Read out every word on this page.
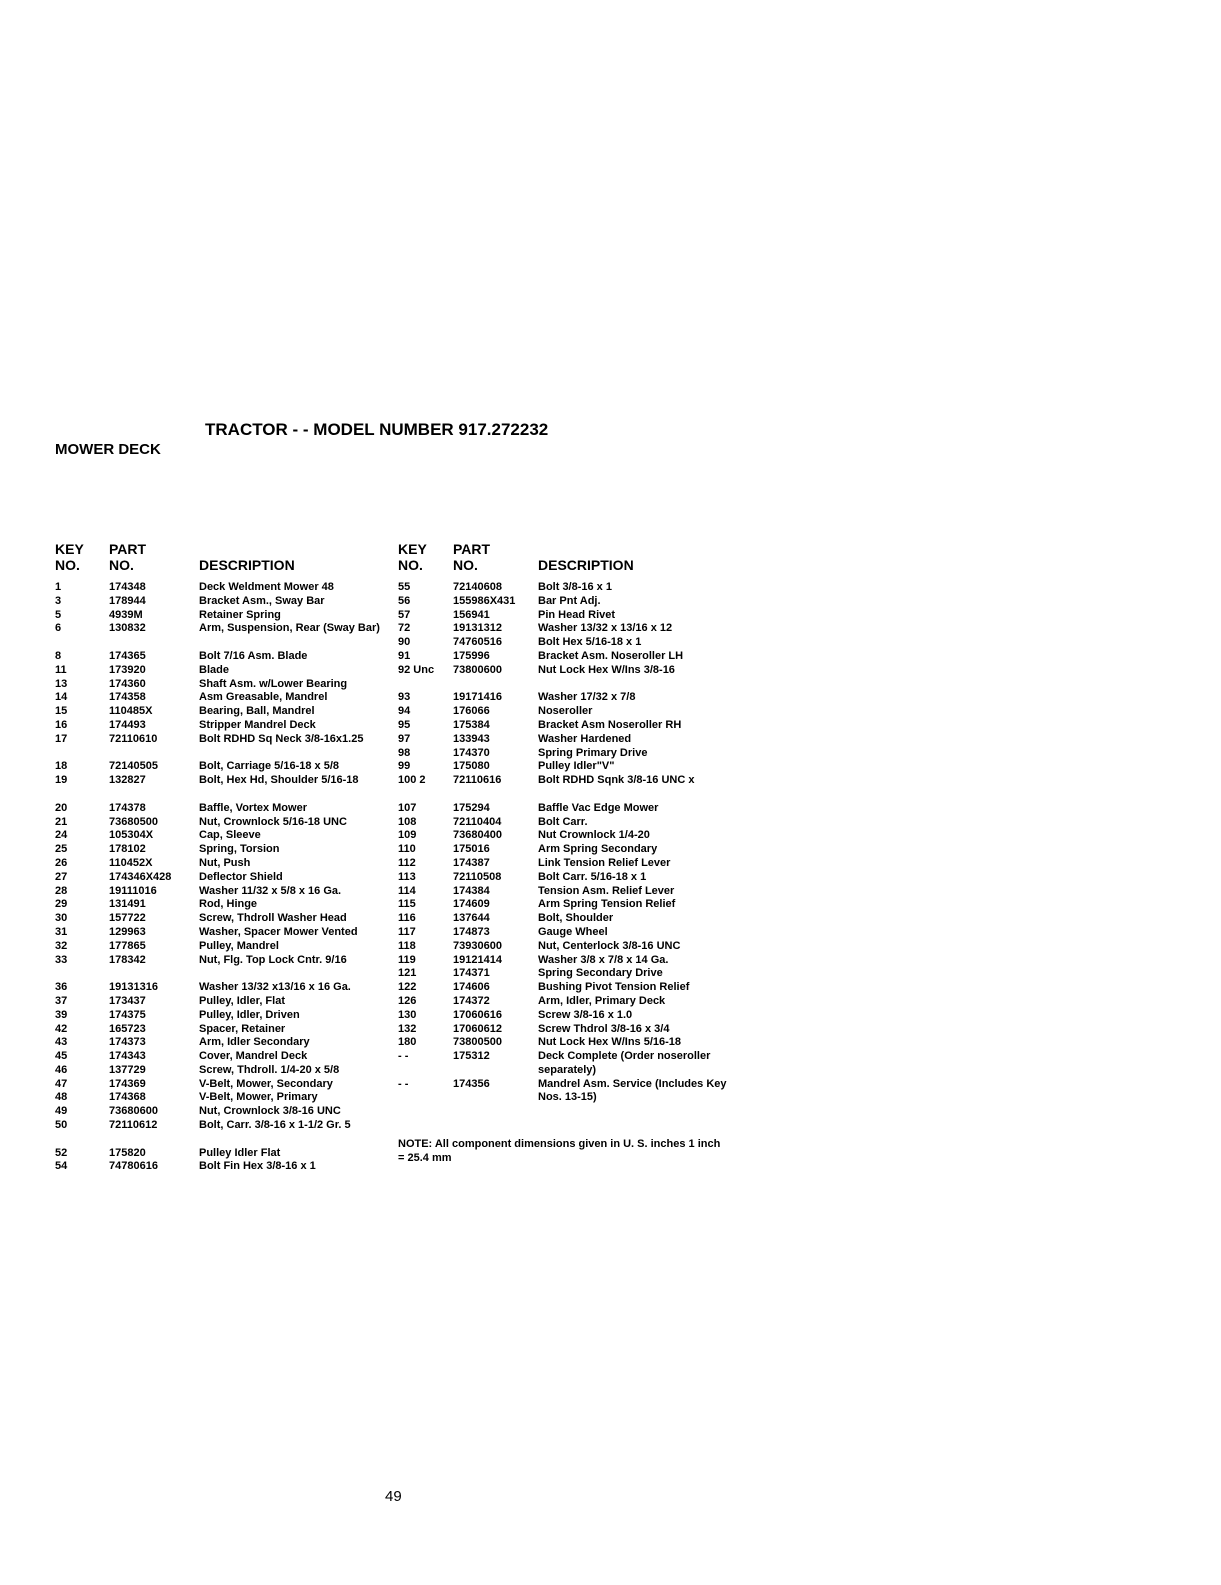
TRACTOR - - MODEL NUMBER 917.272232
MOWER DECK
KEY
NO.
PART
NO.	DESCRIPTION
1	174348	Deck Weldment Mower 48
3	178944	Bracket Asm., Sway Bar
5	4939M	Retainer Spring
6	130832	Arm, Suspension, Rear (Sway Bar)
8	174365	Bolt 7/16 Asm. Blade
11	173920	Blade
13	174360	Shaft Asm. w/Lower Bearing
14	174358	Asm Greasable, Mandrel
15	110485X	Bearing, Ball, Mandrel
16	174493	Stripper Mandrel Deck
17	72110610	Bolt RDHD Sq Neck 3/8-16x1.25
18	72140505	Bolt, Carriage 5/16-18 x 5/8
19	132827	Bolt, Hex Hd, Shoulder 5/16-18
20	174378	Baffle, Vortex Mower
21	73680500	Nut, Crownlock 5/16-18 UNC
24	105304X	Cap, Sleeve
25	178102	Spring, Torsion
26	110452X	Nut, Push
27	174346X428	Deflector Shield
28	19111016	Washer 11/32 x 5/8 x 16 Ga.
29	131491	Rod, Hinge
30	157722	Screw, Thdroll Washer Head
31	129963	Washer, Spacer Mower Vented
32	177865	Pulley, Mandrel
33	178342	Nut, Flg. Top Lock Cntr. 9/16
36	19131316	Washer 13/32 x13/16 x 16 Ga.
37	173437	Pulley, Idler, Flat
39	174375	Pulley, Idler, Driven
42	165723	Spacer, Retainer
43	174373	Arm, Idler Secondary
45	174343	Cover, Mandrel Deck
46	137729	Screw, Thdroll. 1/4-20 x 5/8
47	174369	V-Belt, Mower, Secondary
48	174368	V-Belt, Mower, Primary
49	73680600	Nut, Crownlock 3/8-16 UNC
50	72110612	Bolt, Carr. 3/8-16 x 1-1/2 Gr. 5
52	175820	Pulley Idler Flat
54	74780616	Bolt Fin Hex 3/8-16 x 1
KEY
NO.
PART
NO.	DESCRIPTION
55	72140608	Bolt 3/8-16 x 1
56	155986X431 Bar Pnt Adj.
57	156941	Pin Head Rivet
72	19131312	Washer 13/32 x 13/16 x 12
90	74760516	Bolt Hex 5/16-18 x 1
91	175996	Bracket Asm. Noseroller LH
92 Unc	73800600	Nut Lock Hex W/Ins 3/8-16
93	19171416	Washer 17/32 x 7/8
94	176066	Noseroller
95	175384	Bracket Asm Noseroller RH
97	133943	Washer Hardened
98	174370	Spring Primary Drive
99	175080	Pulley Idler"V"
100 2	72110616	Bolt RDHD Sqnk 3/8-16 UNC x
107	175294	Baffle Vac Edge Mower
108	72110404	Bolt Carr.
109	73680400	Nut Crownlock 1/4-20
110	175016	Arm Spring Secondary
112	174387	Link Tension Relief Lever
113	72110508	Bolt Carr. 5/16-18 x 1
114	174384	Tension Asm. Relief Lever
115	174609	Arm Spring Tension Relief
116	137644	Bolt, Shoulder
117	174873	Gauge Wheel
118	73930600	Nut, Centerlock 3/8-16 UNC
119	19121414	Washer 3/8 x 7/8 x 14 Ga.
121	174371	Spring Secondary Drive
122	174606	Bushing Pivot Tension Relief
126	174372	Arm, Idler, Primary Deck
130	17060616	Screw 3/8-16 x 1.0
132	17060612	Screw Thdrol 3/8-16 x 3/4
180	73800500	Nut Lock Hex W/Ins 5/16-18
- -	175312	Deck Complete (Order noseroller separately)
- -	174356	Mandrel Asm. Service (Includes Key Nos. 13-15)
NOTE: All component dimensions given in U. S. inches 1 inch = 25.4 mm
49
